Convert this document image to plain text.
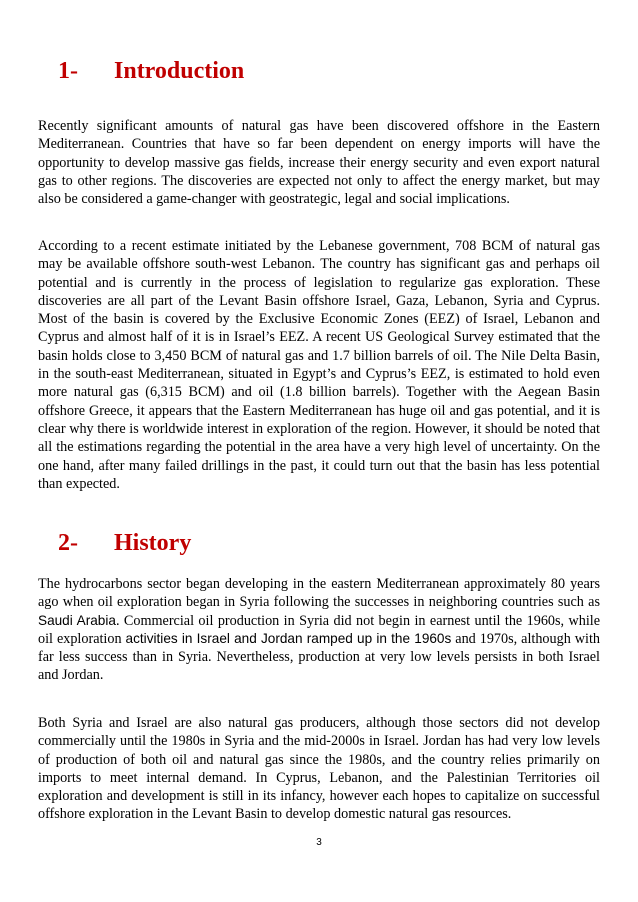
1- Introduction

Recently significant amounts of natural gas have been discovered offshore in the Eastern Mediterranean. Countries that have so far been dependent on energy imports will have the opportunity to develop massive gas fields, increase their energy security and even export natural gas to other regions. The discoveries are expected not only to affect the energy market, but may also be considered a game-changer with geostrategic, legal and social implications.

According to a recent estimate initiated by the Lebanese government, 708 BCM of natural gas may be available offshore south-west Lebanon. The country has significant gas and perhaps oil potential and is currently in the process of legislation to regularize gas exploration. These discoveries are all part of the Levant Basin offshore Israel, Gaza, Lebanon, Syria and Cyprus. Most of the basin is covered by the Exclusive Economic Zones (EEZ) of Israel, Lebanon and Cyprus and almost half of it is in Israel’s EEZ. A recent US Geological Survey estimated that the basin holds close to 3,450 BCM of natural gas and 1.7 billion barrels of oil. The Nile Delta Basin, in the south-east Mediterranean, situated in Egypt’s and Cyprus’s EEZ, is estimated to hold even more natural gas (6,315 BCM) and oil (1.8 billion barrels). Together with the Aegean Basin offshore Greece, it appears that the Eastern Mediterranean has huge oil and gas potential, and it is clear why there is worldwide interest in exploration of the region. However, it should be noted that all the estimations regarding the potential in the area have a very high level of uncertainty. On the one hand, after many failed drillings in the past, it could turn out that the basin has less potential than expected.

2- History

The hydrocarbons sector began developing in the eastern Mediterranean approximately 80 years ago when oil exploration began in Syria following the successes in neighboring countries such as Saudi Arabia. Commercial oil production in Syria did not begin in earnest until the 1960s, while oil exploration activities in Israel and Jordan ramped up in the 1960s and 1970s, although with far less success than in Syria. Nevertheless, production at very low levels persists in both Israel and Jordan.

Both Syria and Israel are also natural gas producers, although those sectors did not develop commercially until the 1980s in Syria and the mid-2000s in Israel. Jordan has had very low levels of production of both oil and natural gas since the 1980s, and the country relies primarily on imports to meet internal demand. In Cyprus, Lebanon, and the Palestinian Territories oil exploration and development is still in its infancy, however each hopes to capitalize on successful offshore exploration in the Levant Basin to develop domestic natural gas resources.

3
